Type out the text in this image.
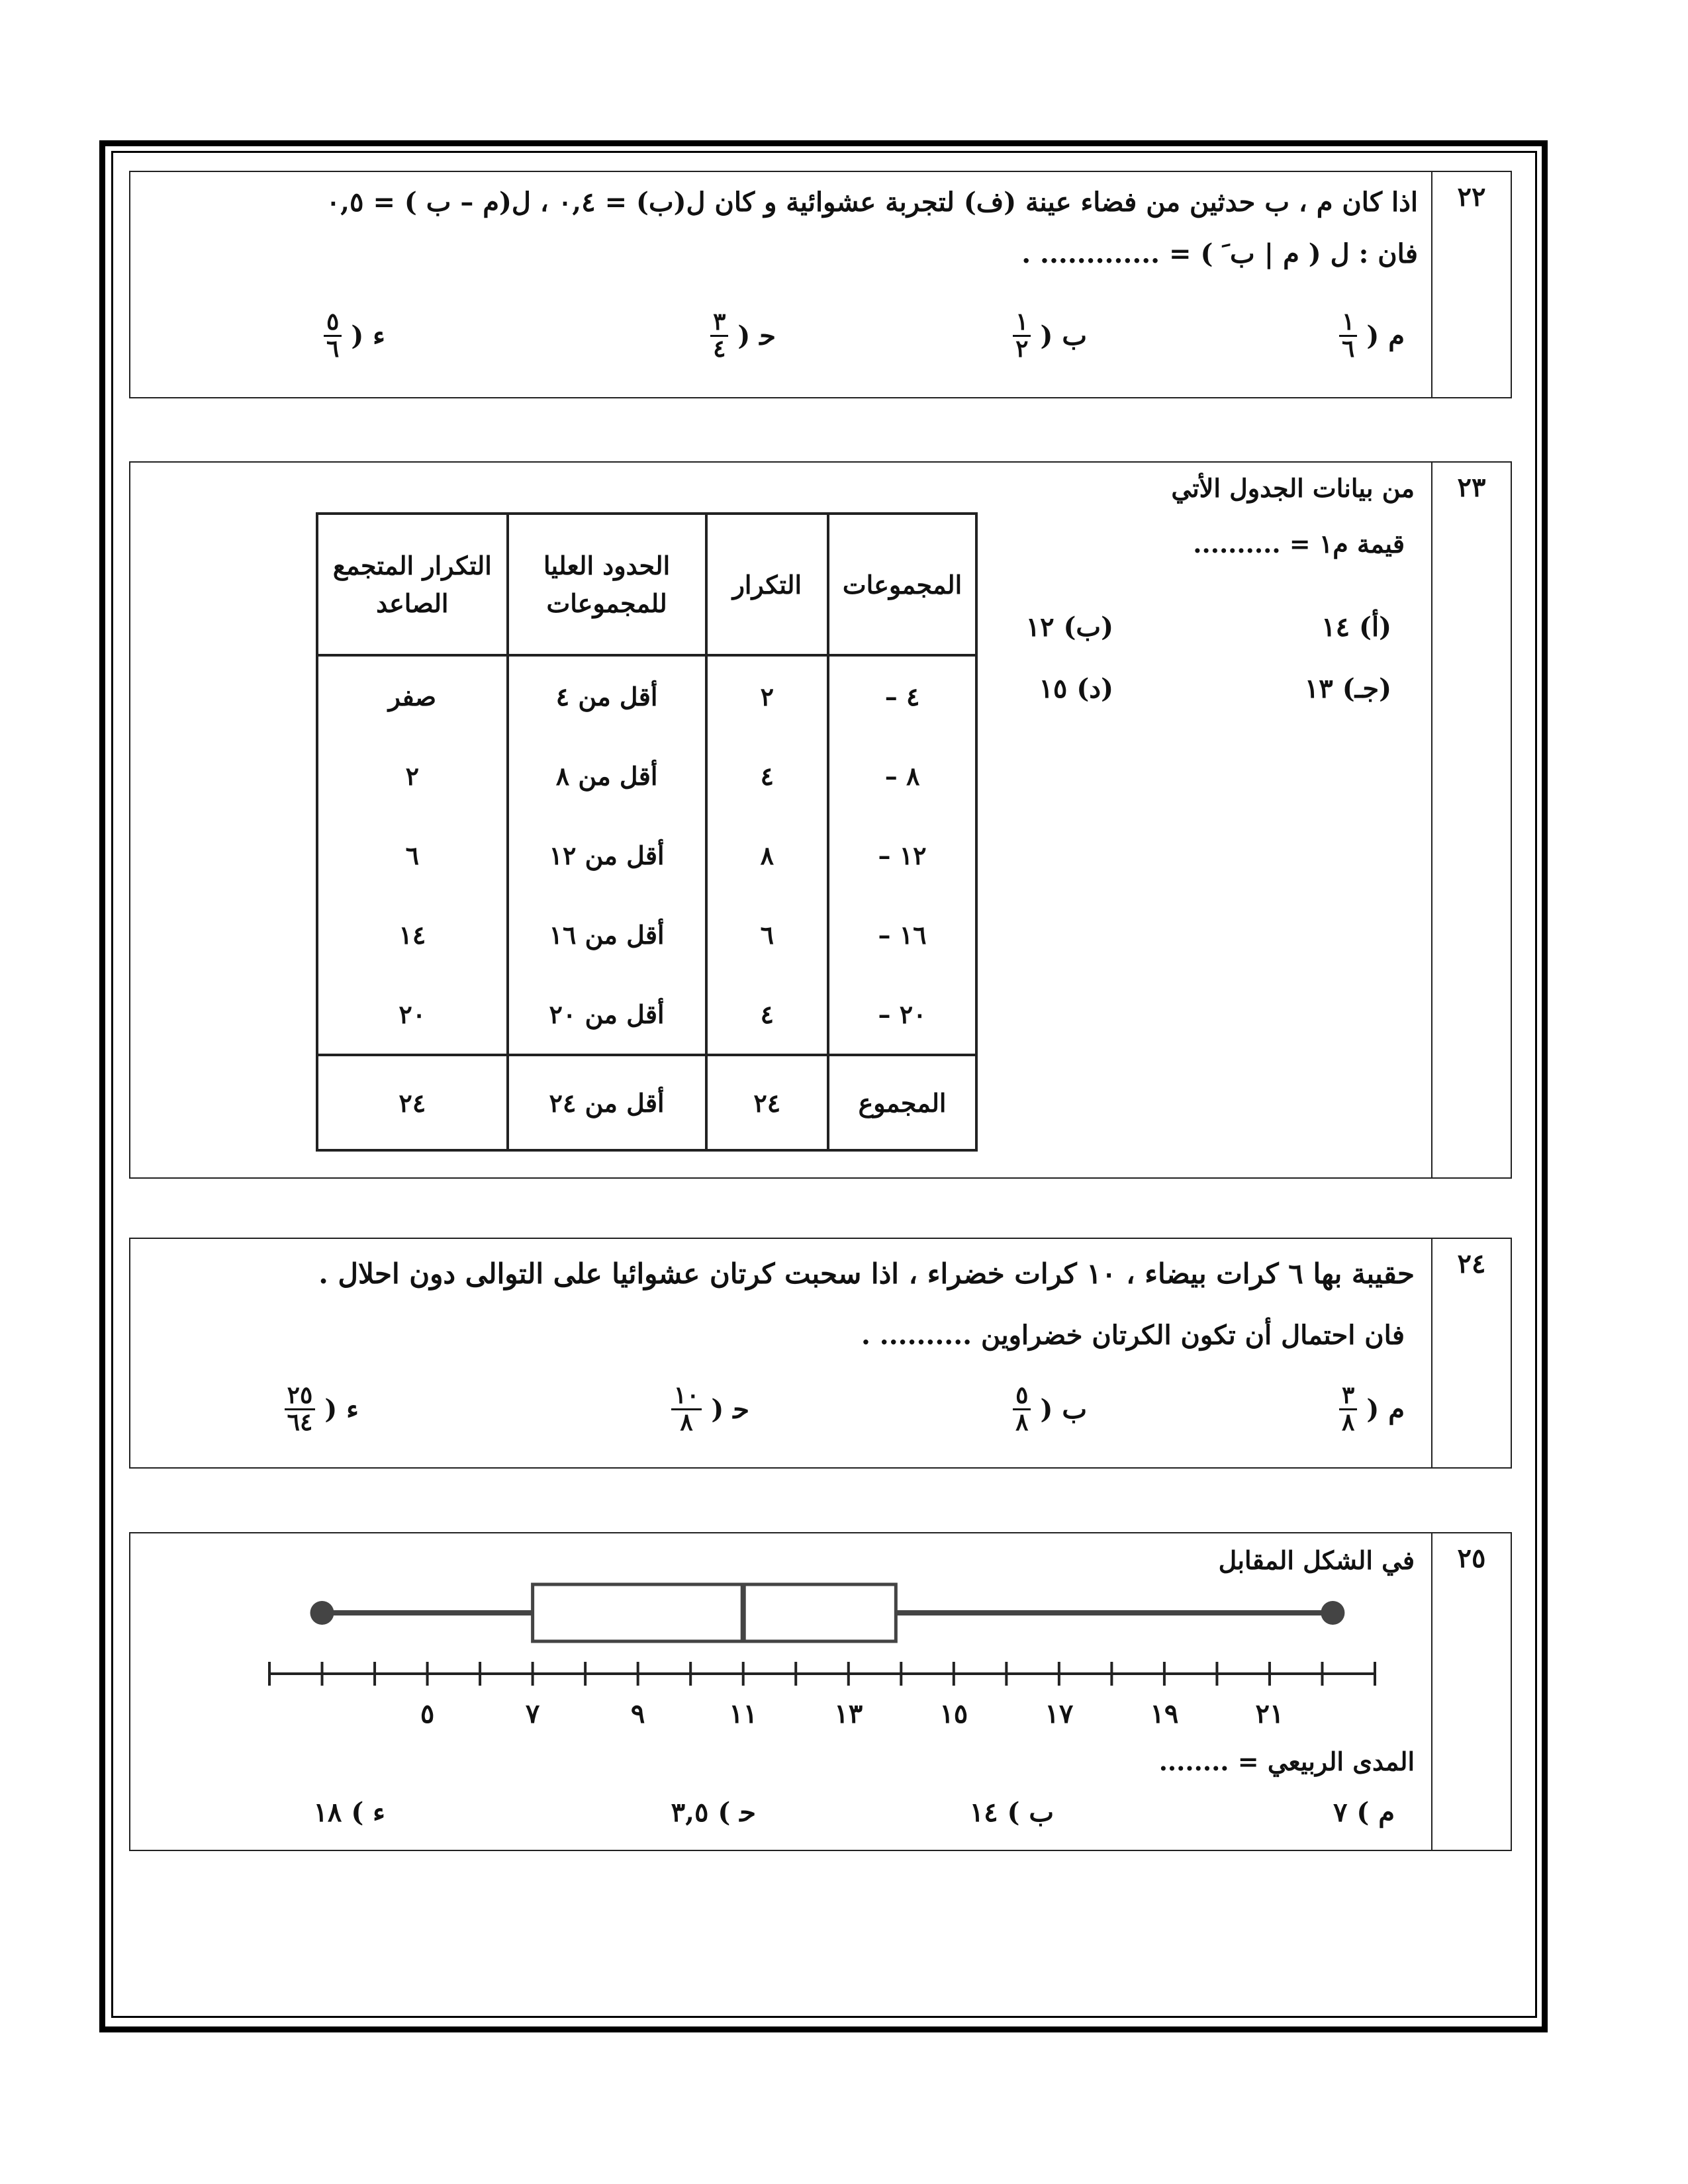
٢٢
اذا كان ﻡ ، ب حدثين من فضاء عينة (ف) لتجربة عشوائية و كان ل(ب) = ٠,٤ ، ل(ﻡ – ب ) = ٠,٥
فان : ل ( ﻡ | ب َ ) = ............. .
ﻡ (
$\frac{١}{٦}$
ب (
$\frac{١}{٢}$
ﺣ (
$\frac{٣}{٤}$
ء (
$\frac{٥}{٦}$
٢٣
من بيانات الجدول الأتي
قيمة م١ = ..........
(أ) ١٤
(ب) ١٢
(جـ) ١٣
(د) ١٥
المجموعات	التكرار	الحدود العليا للمجموعات	التكرار المتجمع الصاعد
٤ –	٢	أقل من ٤	صفر
٨ –	٤	أقل من ٨	٢
١٢ –	٨	أقل من ١٢	٦
١٦ –	٦	أقل من ١٦	١٤
٢٠ –	٤	أقل من ٢٠	٢٠
المجموع	٢٤	أقل من ٢٤	٢٤
٢٤
حقيبة بها ٦ كرات بيضاء ، ١٠ كرات خضراء ، اذا سحبت كرتان عشوائيا على التوالى دون احلال .
فان احتمال أن تكون الكرتان خضراوين .......... .
ﻡ (
$\frac{٣}{٨}$
ب (
$\frac{٥}{٨}$
ﺣ (
$\frac{١٠}{٨}$
ء (
$\frac{٢٥}{٦٤}$
٢٥
في الشكل المقابل
٥	٧	٩	١١	١٣	١٥	١٧	١٩	٢١
المدى الربيعي = ........
ﻡ ) ٧
ب ) ١٤
ﺣ ) ٣,٥
ء ) ١٨
